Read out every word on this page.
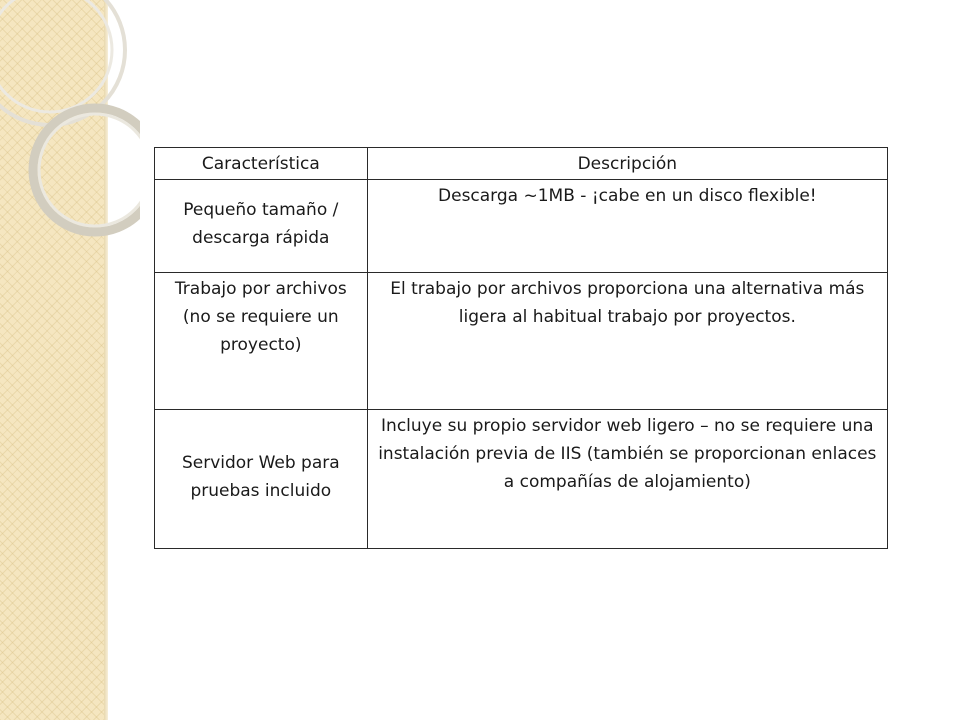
Característica	Descripción
Pequeño tamaño / descarga rápida	Descarga ~1MB - ¡cabe en un disco flexible!
Trabajo por archivos (no se requiere un proyecto)	El trabajo por archivos proporciona una alternativa más ligera al habitual trabajo por proyectos.
Servidor Web para pruebas incluido	Incluye su propio servidor web ligero – no se requiere una instalación previa de IIS (también se proporcionan enlaces a compañías de alojamiento)
